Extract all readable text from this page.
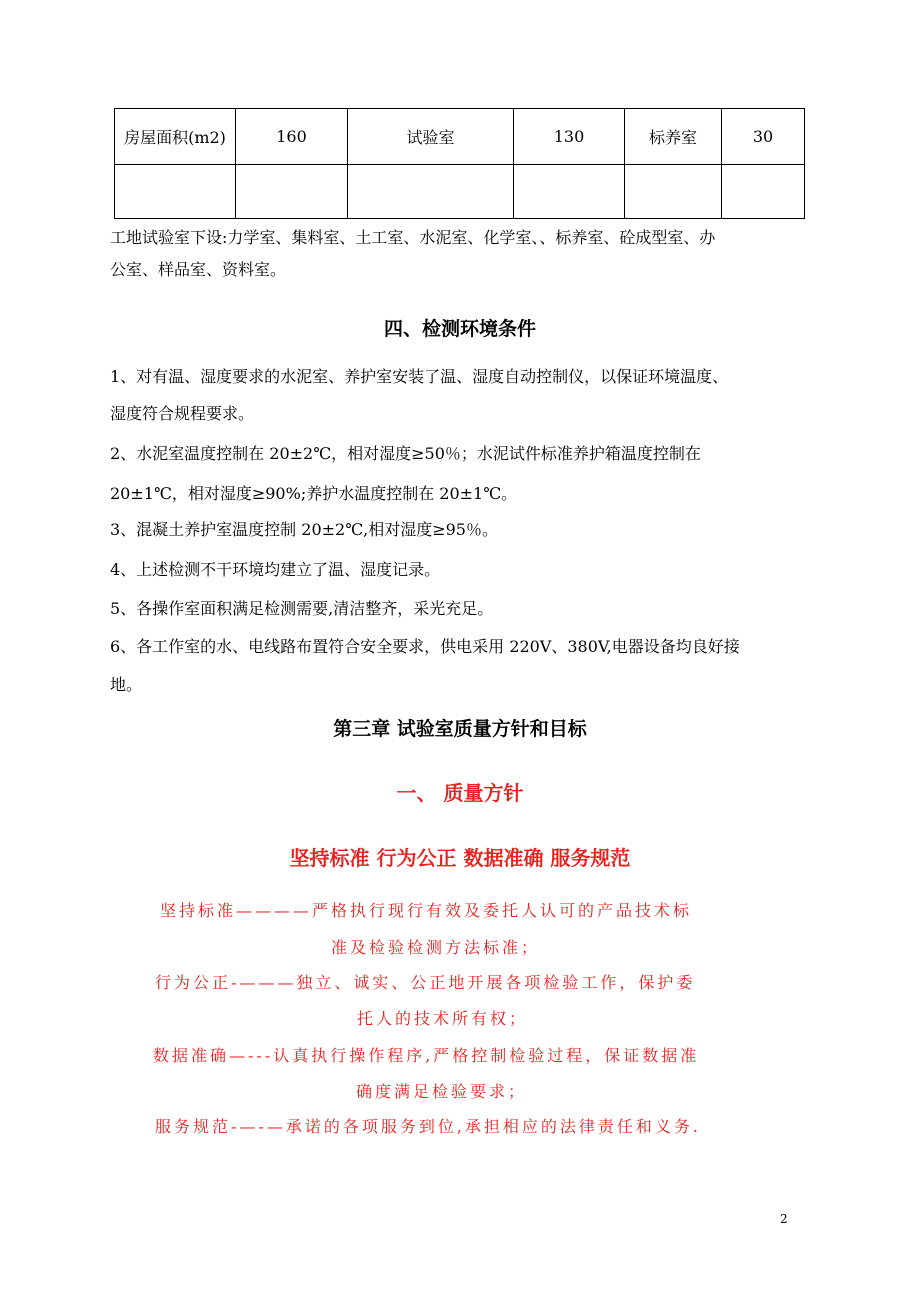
房屋面积(m2)	160	试验室	130	标养室	30

工地试验室下设:力学室、集料室、土工室、水泥室、化学室、、标养室、砼成型室、办
公室、样品室、资料室。
四、检测环境条件
1、对有温、湿度要求的水泥室、养护室安装了温、湿度自动控制仪，以保证环境温度、
湿度符合规程要求。
2、水泥室温度控制在 20±2℃，相对湿度≥50％；水泥试件标准养护箱温度控制在
20±1℃，相对湿度≥90%;养护水温度控制在 20±1℃。
3、混凝土养护室温度控制 20±2℃,相对湿度≥95％。
4、上述检测不干环境均建立了温、湿度记录。
5、各操作室面积满足检测需要,清洁整齐，采光充足。
6、各工作室的水、电线路布置符合安全要求，供电采用 220V、380V,电器设备均良好接
地。
第三章 试验室质量方针和目标
一、 质量方针
坚持标准 行为公正 数据准确 服务规范
坚持标准————严格执行现行有效及委托人认可的产品技术标
准及检验检测方法标准；
行为公正-———独立、诚实、公正地开展各项检验工作，保护委
托人的技术所有权；
数据准确—---认真执行操作程序,严格控制检验过程，保证数据准
确度满足检验要求；
服务规范-—-—承诺的各项服务到位,承担相应的法律责任和义务.
2
